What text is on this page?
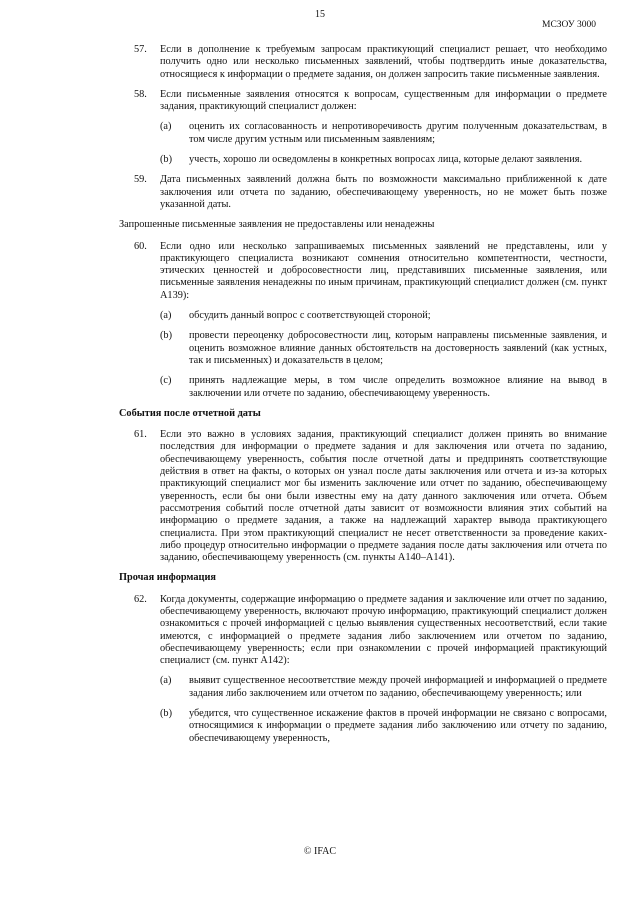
15
МСЗОУ 3000
57.	Если в дополнение к требуемым запросам практикующий специалист решает, что необходимо получить одно или несколько письменных заявлений, чтобы подтвердить иные доказательства, относящиеся к информации о предмете задания, он должен запросить такие письменные заявления.
58.	Если письменные заявления относятся к вопросам, существенным для информации о предмете задания, практикующий специалист должен:
(a)	оценить их согласованность и непротиворечивость другим полученным доказательствам, в том числе другим устным или письменным заявлениям;
(b)	учесть, хорошо ли осведомлены в конкретных вопросах лица, которые делают заявления.
59.	Дата письменных заявлений должна быть по возможности максимально приближенной к дате заключения или отчета по заданию, обеспечивающему уверенность, но не может быть позже указанной даты.
Запрошенные письменные заявления не предоставлены или ненадежны
60.	Если одно или несколько запрашиваемых письменных заявлений не представлены, или у практикующего специалиста возникают сомнения относительно компетентности, честности, этических ценностей и добросовестности лиц, представивших письменные заявления, или письменные заявления ненадежны по иным причинам, практикующий специалист должен (см. пункт А139):
(a)	обсудить данный вопрос с соответствующей стороной;
(b)	провести переоценку добросовестности лиц, которым направлены письменные заявления, и оценить возможное влияние данных обстоятельств на достоверность заявлений (как устных, так и письменных) и доказательств в целом;
(c)	принять надлежащие меры, в том числе определить возможное влияние на вывод в заключении или отчете по заданию, обеспечивающему уверенность.
События после отчетной даты
61.	Если это важно в условиях задания, практикующий специалист должен принять во внимание последствия для информации о предмете задания и для заключения или отчета по заданию, обеспечивающему уверенность, события после отчетной даты и предпринять соответствующие действия в ответ на факты, о которых он узнал после даты заключения или отчета и из-за которых практикующий специалист мог бы изменить заключение или отчет по заданию, обеспечивающему уверенность, если бы они были известны ему на дату данного заключения или отчета. Объем рассмотрения событий после отчетной даты зависит от возможности влияния этих событий на информацию о предмете задания, а также на надлежащий характер вывода практикующего специалиста. При этом практикующий специалист не несет ответственности за проведение каких-либо процедур относительно информации о предмете задания после даты заключения или отчета по заданию, обеспечивающему уверенность (см. пункты А140–А141).
Прочая информация
62.	Когда документы, содержащие информацию о предмете задания и заключение или отчет по заданию, обеспечивающему уверенность, включают прочую информацию, практикующий специалист должен ознакомиться с прочей информацией с целью выявления существенных несоответствий, если такие имеются, с информацией о предмете задания либо заключением или отчетом по заданию, обеспечивающему уверенность; если при ознакомлении с прочей информацией практикующий специалист (см. пункт А142):
(a)	выявит существенное несоответствие между прочей информацией и информацией о предмете задания либо заключением или отчетом по заданию, обеспечивающему уверенность; или
(b)	убедится, что существенное искажение фактов в прочей информации не связано с вопросами, относящимися к информации о предмете задания либо заключению или отчету по заданию, обеспечивающему уверенность,
© IFAC
